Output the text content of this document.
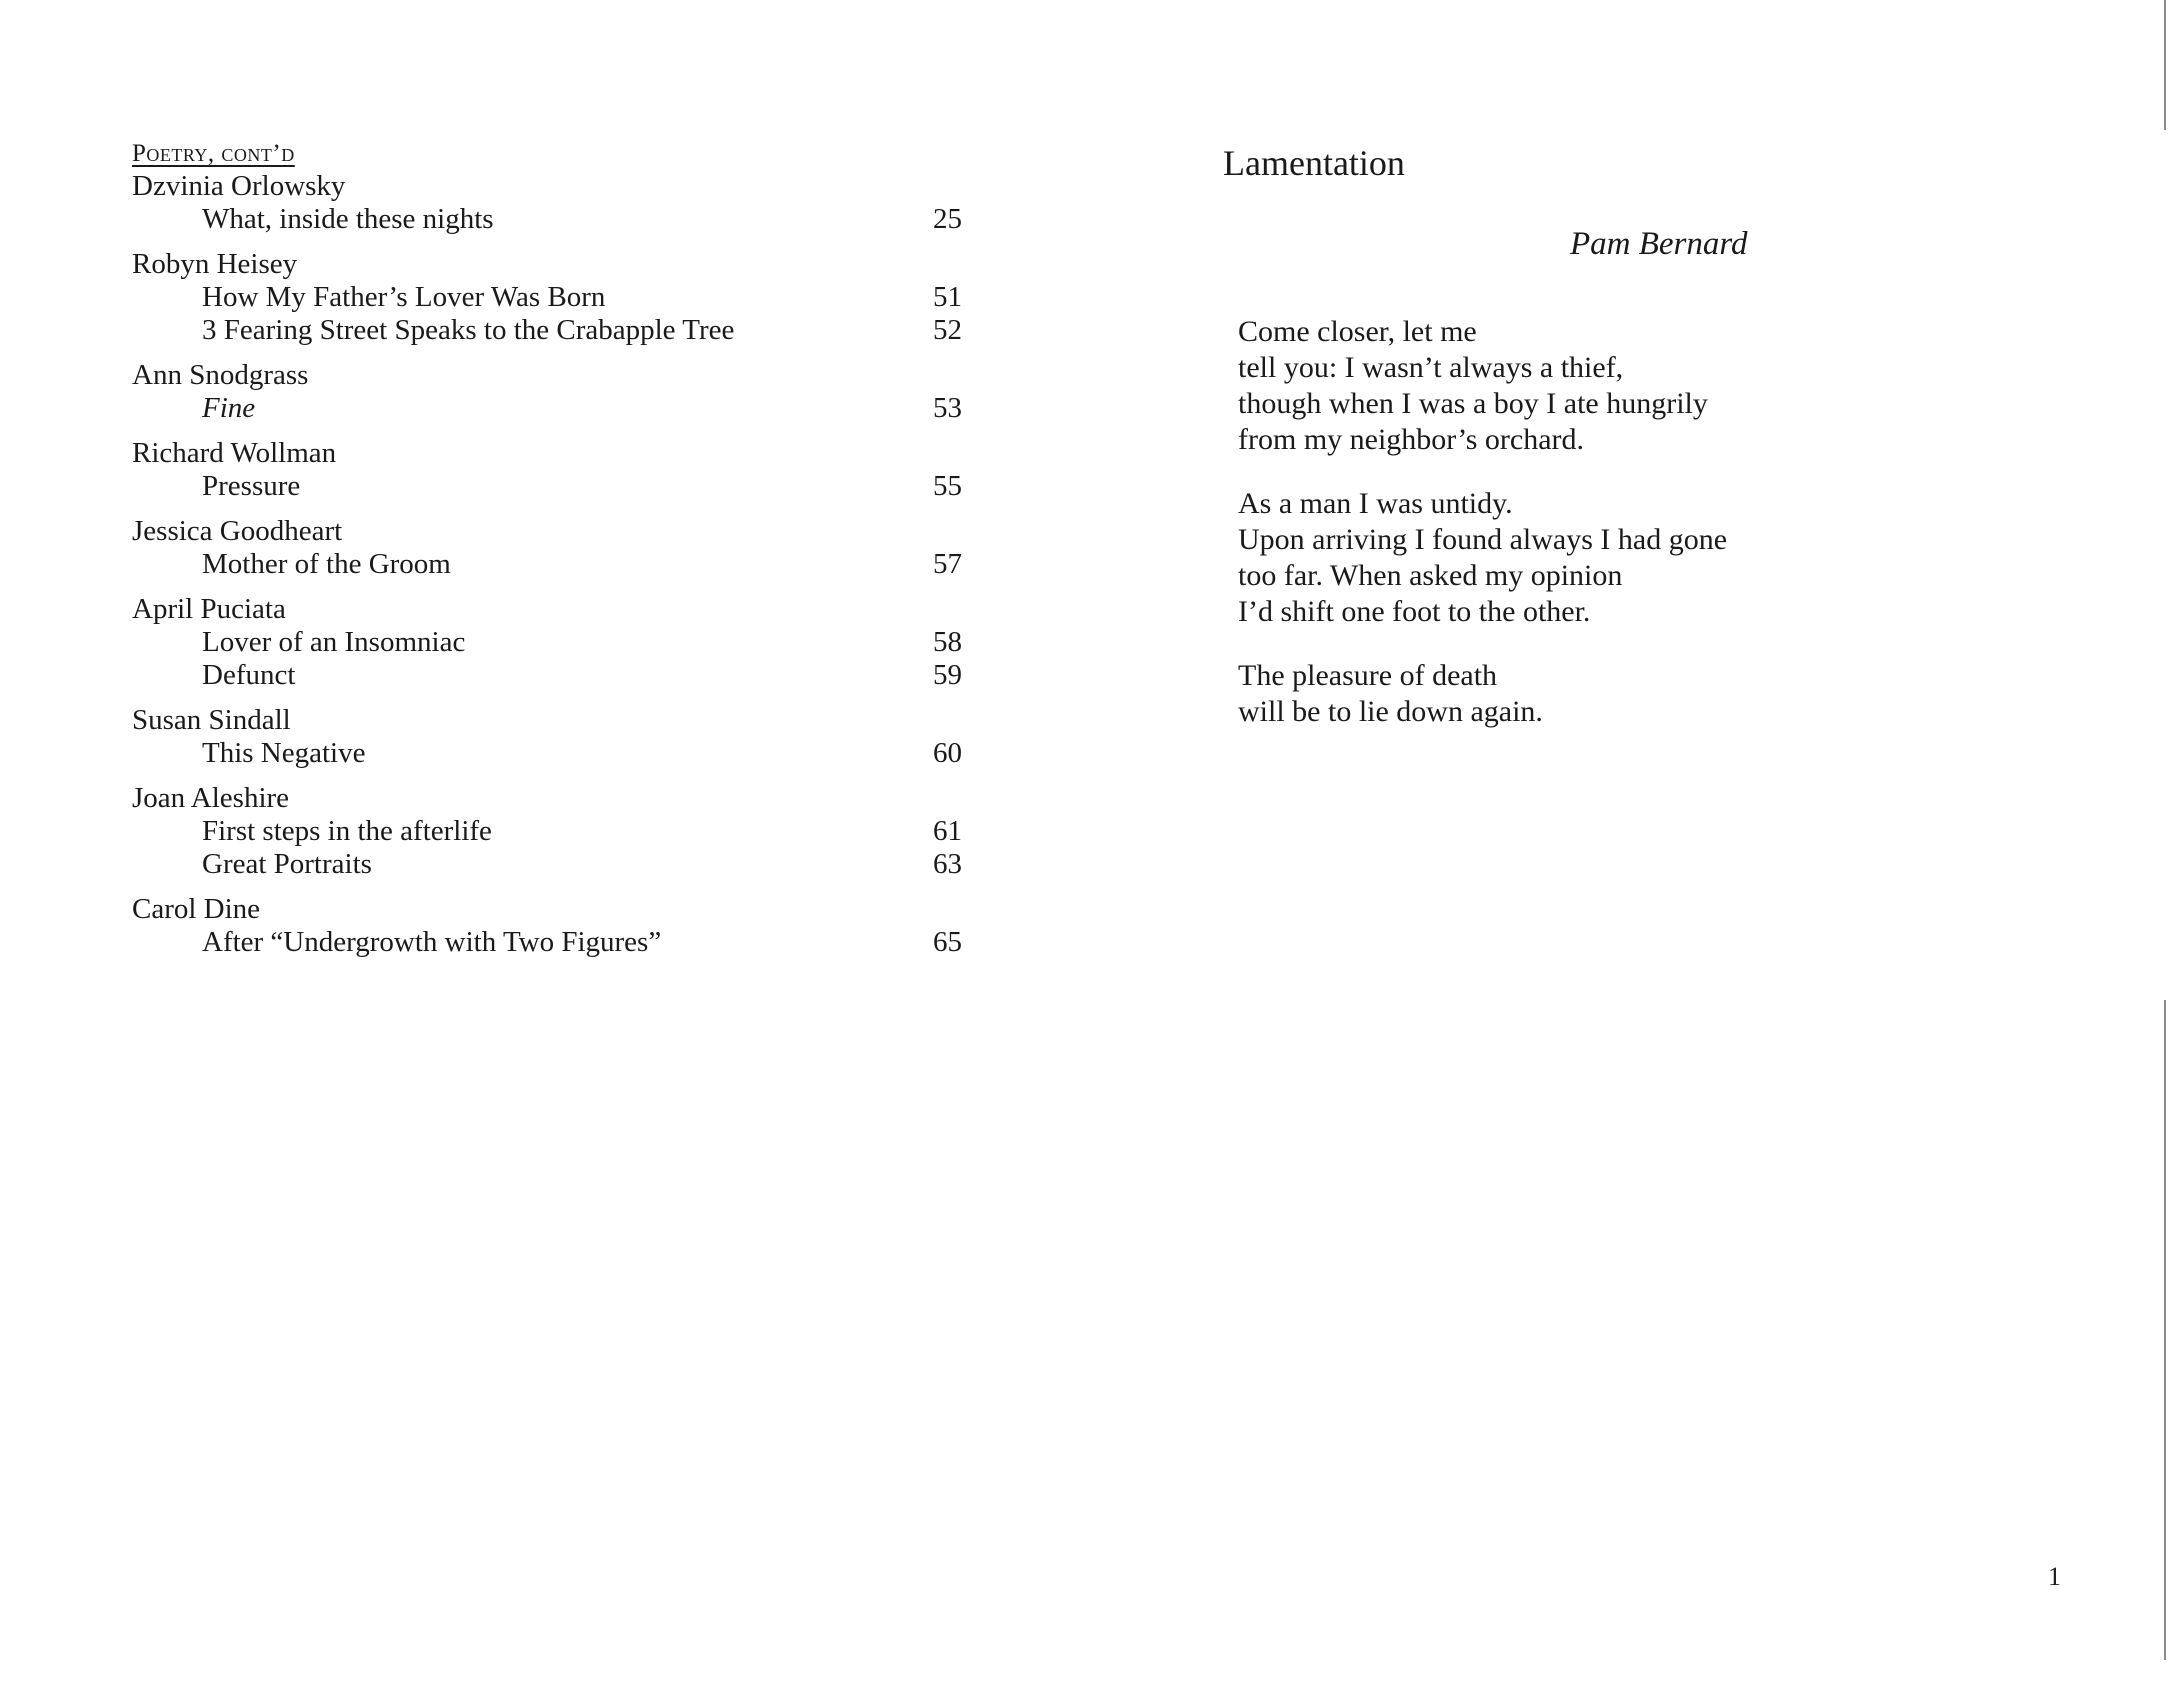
Poetry, cont’d
Dzvinia Orlowsky
What, inside these nights	25
Robyn Heisey
How My Father’s Lover Was Born	51
3 Fearing Street Speaks to the Crabapple Tree	52
Ann Snodgrass
Fine	53
Richard Wollman
Pressure	55
Jessica Goodheart
Mother of the Groom	57
April Puciata
Lover of an Insomniac	58
Defunct	59
Susan Sindall
This Negative	60
Joan Aleshire
First steps in the afterlife	61
Great Portraits	63
Carol Dine
After “Undergrowth with Two Figures”	65
Lamentation
Pam Bernard
Come closer, let me
tell you: I wasn’t always a thief,
though when I was a boy I ate hungrily
from my neighbor’s orchard.
As a man I was untidy.
Upon arriving I found always I had gone
too far. When asked my opinion
I’d shift one foot to the other.
The pleasure of death
will be to lie down again.
1
